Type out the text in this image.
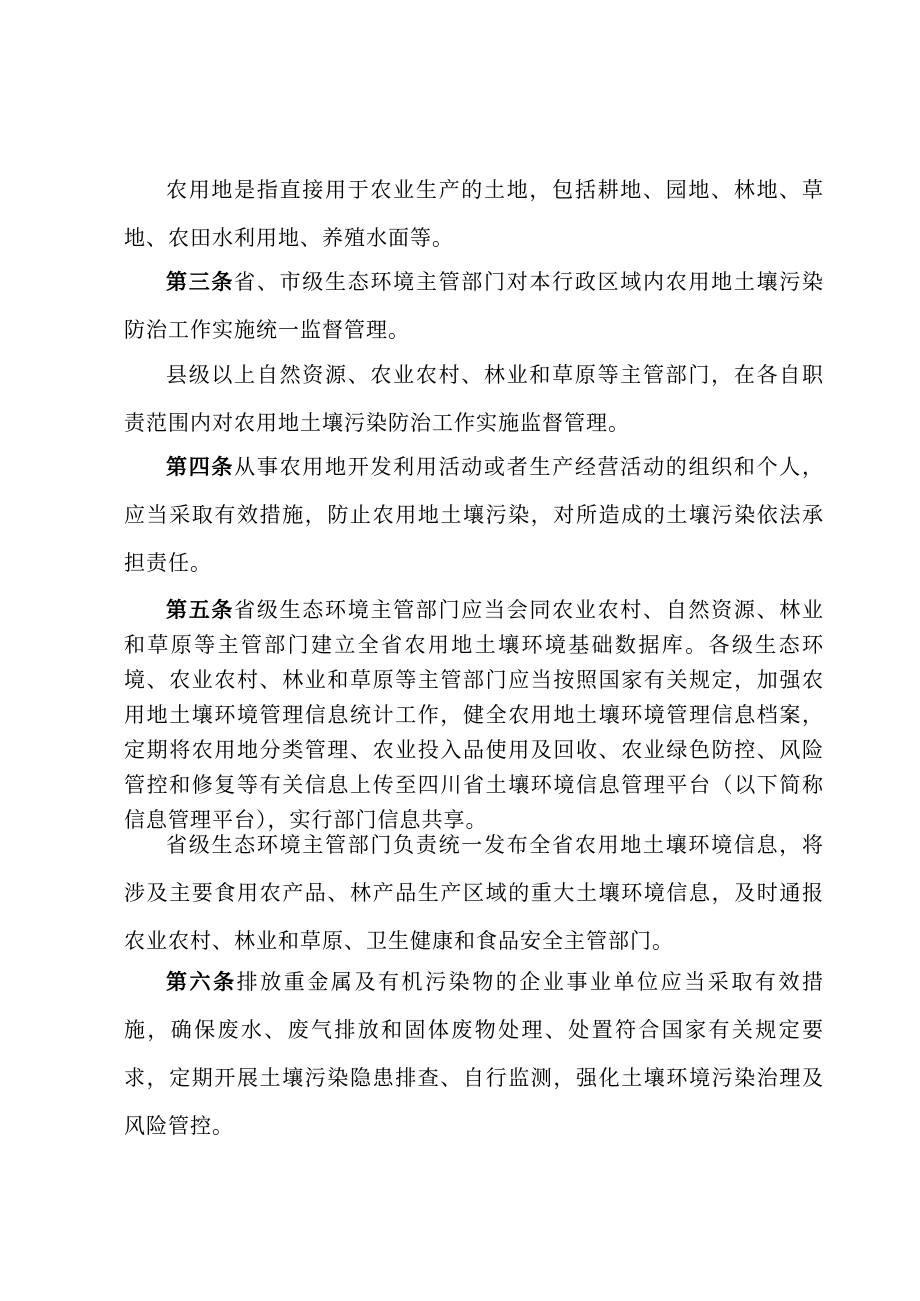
农用地是指直接用于农业生产的土地，包括耕地、园地、林地、草地、农田水利用地、养殖水面等。

第三条省、市级生态环境主管部门对本行政区域内农用地土壤污染防治工作实施统一监督管理。

县级以上自然资源、农业农村、林业和草原等主管部门，在各自职责范围内对农用地土壤污染防治工作实施监督管理。

第四条从事农用地开发利用活动或者生产经营活动的组织和个人，应当采取有效措施，防止农用地土壤污染，对所造成的土壤污染依法承担责任。

第五条省级生态环境主管部门应当会同农业农村、自然资源、林业和草原等主管部门建立全省农用地土壤环境基础数据库。各级生态环境、农业农村、林业和草原等主管部门应当按照国家有关规定，加强农用地土壤环境管理信息统计工作，健全农用地土壤环境管理信息档案，定期将农用地分类管理、农业投入品使用及回收、农业绿色防控、风险管控和修复等有关信息上传至四川省土壤环境信息管理平台（以下简称信息管理平台），实行部门信息共享。

省级生态环境主管部门负责统一发布全省农用地土壤环境信息，将涉及主要食用农产品、林产品生产区域的重大土壤环境信息，及时通报农业农村、林业和草原、卫生健康和食品安全主管部门。

第六条排放重金属及有机污染物的企业事业单位应当采取有效措施，确保废水、废气排放和固体废物处理、处置符合国家有关规定要求，定期开展土壤污染隐患排查、自行监测，强化土壤环境污染治理及风险管控。
